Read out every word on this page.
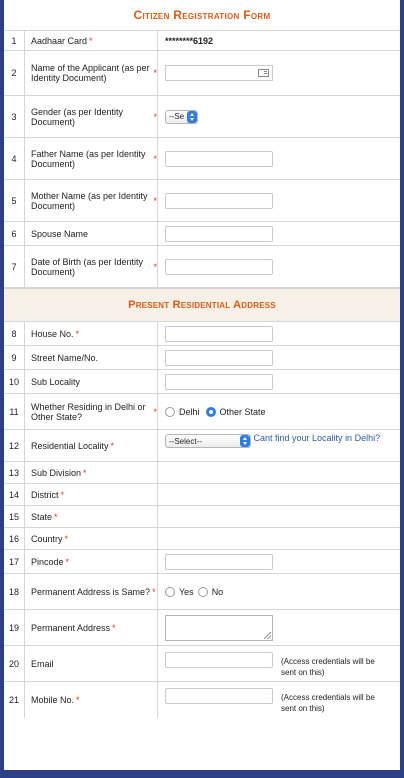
Citizen Registration Form
1	Aadhaar Card *	********6192
2	Name of the Applicant (as per Identity Document)	*
3	Gender (as per Identity Document)	* --Se
4	Father Name (as per Identity Document)	*
5	Mother Name (as per Identity Document)	*
6	Spouse Name
7	Date of Birth (as per Identity Document)	*
Present Residential Address
8	House No. *
9	Street Name/No.
10	Sub Locality
11	Whether Residing in Delhi or Other State?	* Delhi Other State
12	Residential Locality *	--Select--	Cant find your Locality in Delhi?
13	Sub Division *
14	District *
15	State *
16	Country *
17	Pincode *
18	Permanent Address is Same? *	Yes No
19	Permanent Address *
20	Email	(Access credentials will be sent on this)
21	Mobile No. *	(Access credentials will be sent on this)
